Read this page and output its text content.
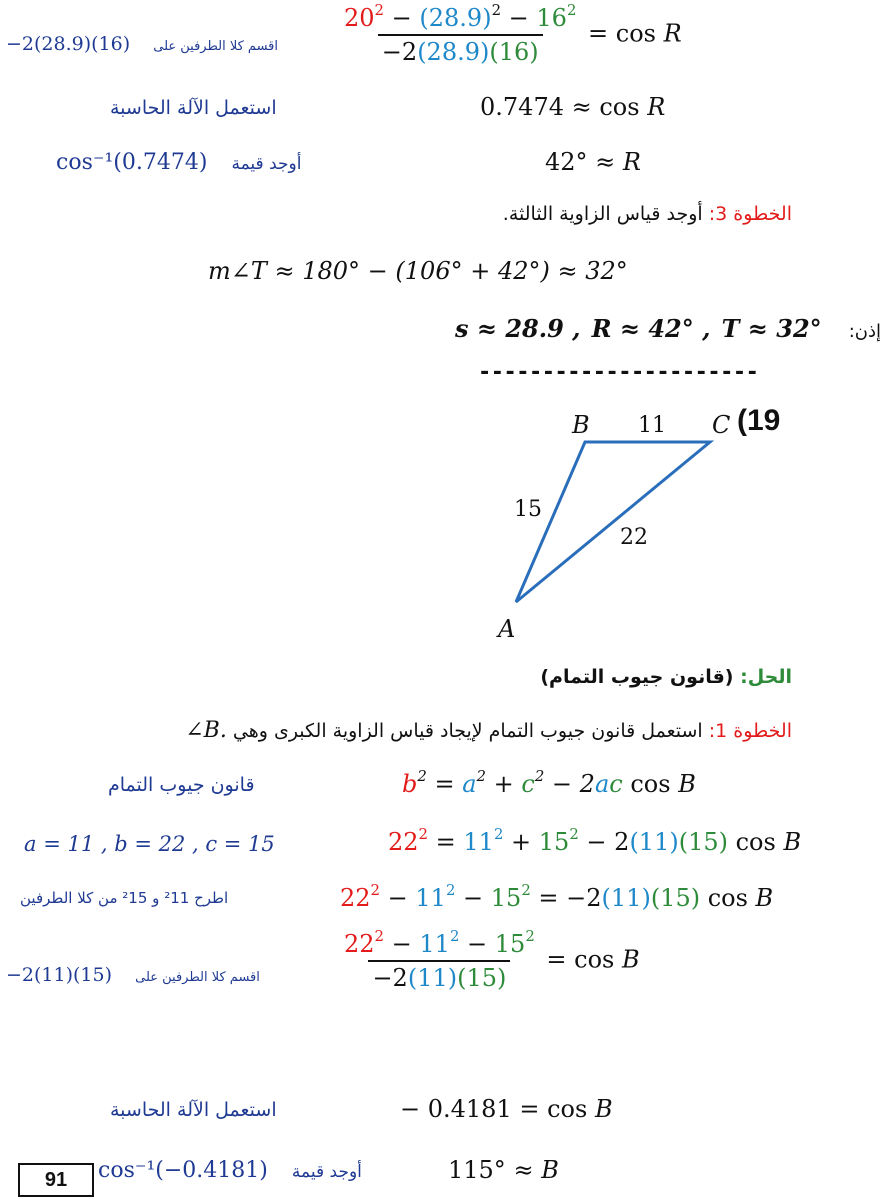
−2(28.9)(16) اقسم كلا الطرفين على	$\frac{20^2 - (28.9)^2 - 16^2}{-2(28.9)(16)} = \cos R$
استعمل الآلة الحاسبة	0.7474 ≈ cos R
cos⁻¹(0.7474) أوجد قيمة	42° ≈ R
الخطوة 3: أوجد قياس الزاوية الثالثة.
m∠T ≈ 180° − (106° + 42°) ≈ 32°
s ≈ 28.9 , R ≈ 42° , T ≈ 32° إذن:
----------------------
(19
B	C
A
11
15
22
الحل: (قانون جيوب التمام)
الخطوة 1: استعمل قانون جيوب التمام لإيجاد قياس الزاوية الكبرى وهي ∠B.
قانون جيوب التمام	$b^2 = a^2 + c^2 - 2ac$ cos B
a = 11 , b = 22 , c = 15	$22^2 = 11^2 + 15^2 - 2(11)(15)$ cos B
اطرح ²11 و ²15 من كلا الطرفين	$22^2 - 11^2 - 15^2 = -2(11)(15)$ cos B
−2(11)(15) اقسم كلا الطرفين على	$\frac{22^2 - 11^2 - 15^2}{-2(11)(15)} = \cos B$
استعمل الآلة الحاسبة	− 0.4181 = cos B
91	cos⁻¹(−0.4181) أوجد قيمة	115° ≈ B
